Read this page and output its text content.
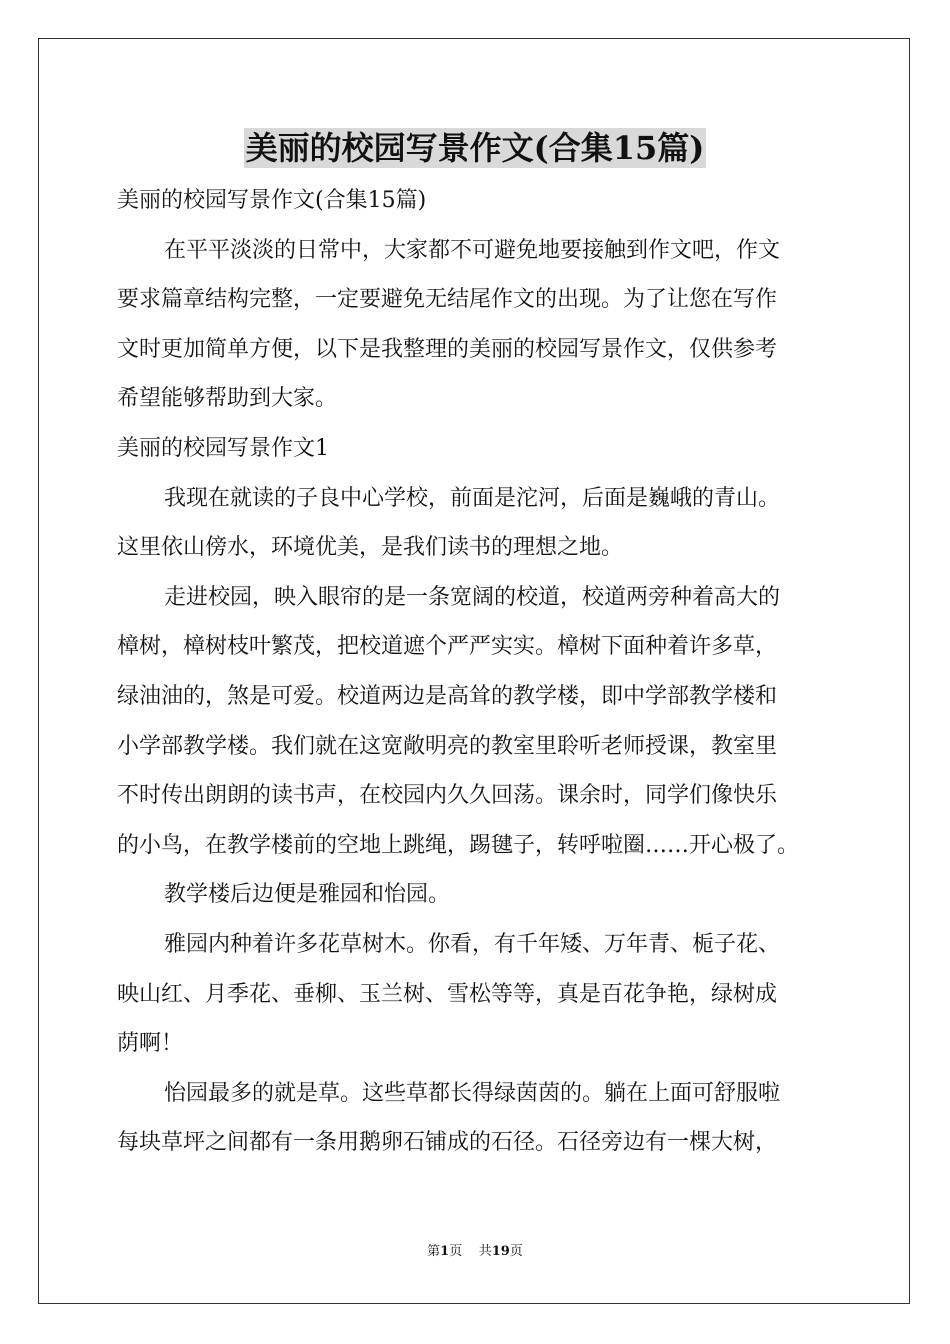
美丽的校园写景作文(合集15篇)
美丽的校园写景作文(合集15篇)
在平平淡淡的日常中，大家都不可避免地要接触到作文吧，作文
要求篇章结构完整，一定要避免无结尾作文的出现。为了让您在写作
文时更加简单方便，以下是我整理的美丽的校园写景作文，仅供参考
希望能够帮助到大家。
美丽的校园写景作文1
我现在就读的子良中心学校，前面是沱河，后面是巍峨的青山。
这里依山傍水，环境优美，是我们读书的理想之地。
走进校园，映入眼帘的是一条宽阔的校道，校道两旁种着高大的
樟树，樟树枝叶繁茂，把校道遮个严严实实。樟树下面种着许多草，
绿油油的，煞是可爱。校道两边是高耸的教学楼，即中学部教学楼和
小学部教学楼。我们就在这宽敞明亮的教室里聆听老师授课，教室里
不时传出朗朗的读书声，在校园内久久回荡。课余时，同学们像快乐
的小鸟，在教学楼前的空地上跳绳，踢毽子，转呼啦圈……开心极了。
教学楼后边便是雅园和怡园。
雅园内种着许多花草树木。你看，有千年矮、万年青、栀子花、
映山红、月季花、垂柳、玉兰树、雪松等等，真是百花争艳，绿树成
荫啊！
怡园最多的就是草。这些草都长得绿茵茵的。躺在上面可舒服啦
每块草坪之间都有一条用鹅卵石铺成的石径。石径旁边有一棵大树，
第1页 共19页
